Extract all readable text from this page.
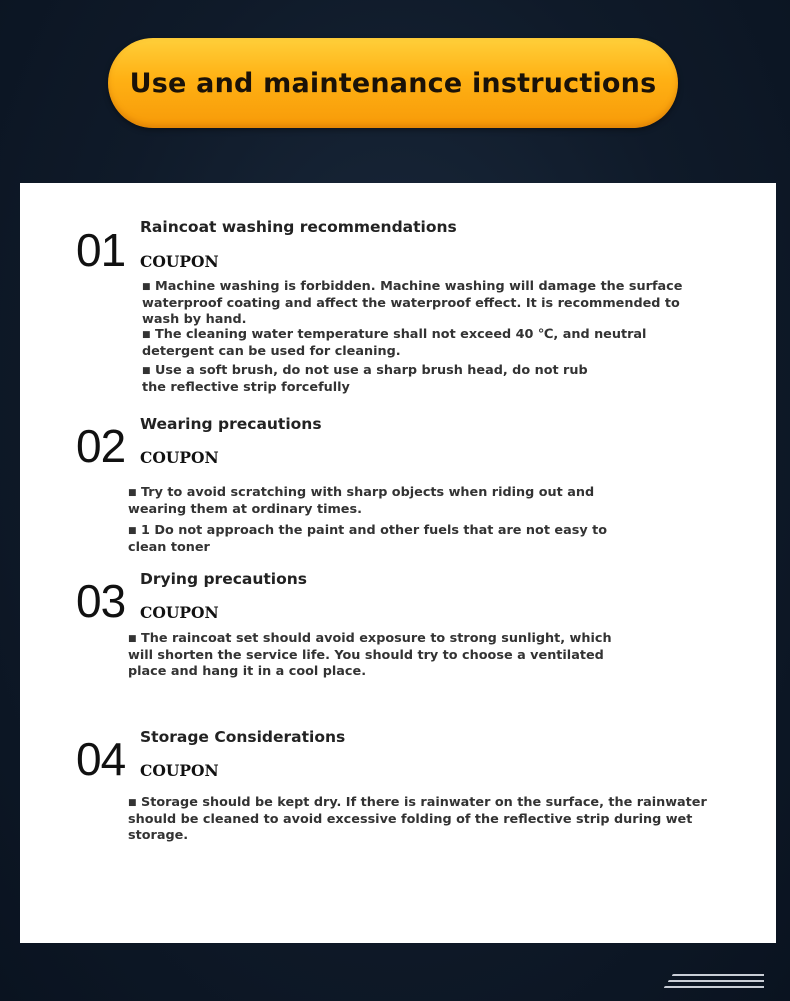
Use and maintenance instructions
01 Raincoat washing recommendations
COUPON
■ Machine washing is forbidden. Machine washing will damage the surface waterproof coating and affect the waterproof effect. It is recommended to wash by hand.
■ The cleaning water temperature shall not exceed 40 ℃, and neutral detergent can be used for cleaning.
■ Use a soft brush, do not use a sharp brush head, do not rub the reflective strip forcefully
02 Wearing precautions
COUPON
■ Try to avoid scratching with sharp objects when riding out and wearing them at ordinary times.
■ 1 Do not approach the paint and other fuels that are not easy to clean toner
03 Drying precautions
COUPON
■ The raincoat set should avoid exposure to strong sunlight, which will shorten the service life. You should try to choose a ventilated place and hang it in a cool place.
04 Storage Considerations
COUPON
■ Storage should be kept dry. If there is rainwater on the surface, the rainwater should be cleaned to avoid excessive folding of the reflective strip during wet storage.
